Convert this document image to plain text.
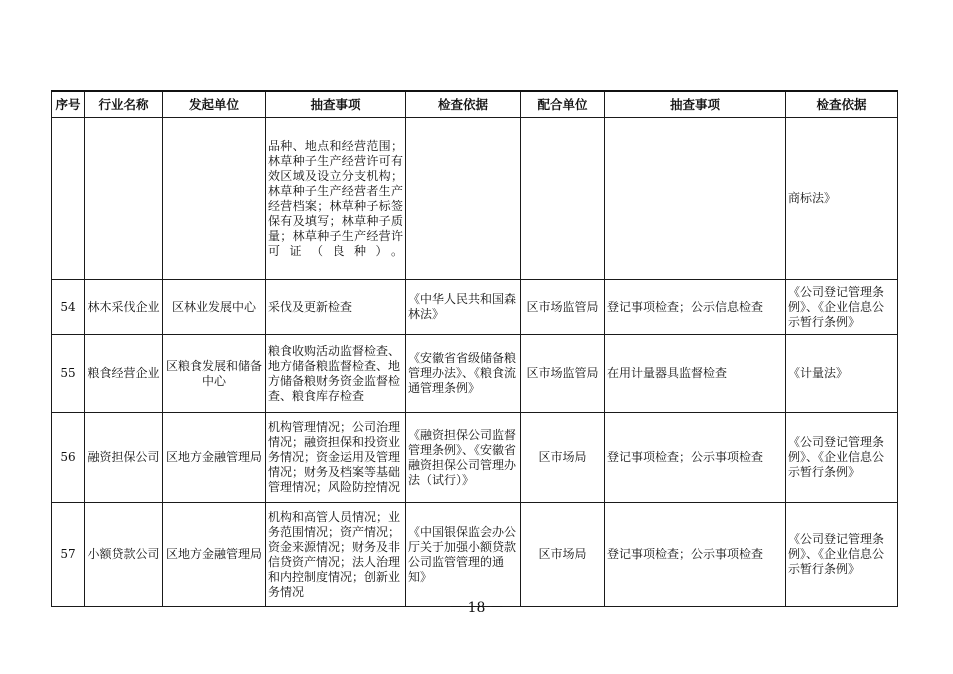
序号	行业名称	发起单位	抽查事项	检查依据	配合单位	抽查事项	检查依据
			品种、地点和经营范围；林草种子生产经营许可有效区域及设立分支机构；林草种子生产经营者生产经营档案；林草种子标签保有及填写；林草种子质量；林草种子生产经营许可证（良种）。				商标法》
54	林木采伐企业	区林业发展中心	采伐及更新检查	《中华人民共和国森林法》	区市场监管局	登记事项检查；公示信息检查	《公司登记管理条例》、《企业信息公示暂行条例》
55	粮食经营企业	区粮食发展和储备中心	粮食收购活动监督检查、地方储备粮监督检查、地方储备粮财务资金监督检查、粮食库存检查	《安徽省省级储备粮管理办法》、《粮食流通管理条例》	区市场监管局	在用计量器具监督检查	《计量法》
56	融资担保公司	区地方金融管理局	机构管理情况；公司治理情况；融资担保和投资业务情况；资金运用及管理情况；财务及档案等基础管理情况；风险防控情况	《融资担保公司监督管理条例》、《安徽省融资担保公司管理办法（试行）》	区市场局	登记事项检查；公示事项检查	《公司登记管理条例》、《企业信息公示暂行条例》
57	小额贷款公司	区地方金融管理局	机构和高管人员情况；业务范围情况；资产情况；资金来源情况；财务及非信贷资产情况；法人治理和内控制度情况；创新业务情况	《中国银保监会办公厅关于加强小额贷款公司监管管理的通知》	区市场局	登记事项检查；公示事项检查	《公司登记管理条例》、《企业信息公示暂行条例》
－ 18 －
